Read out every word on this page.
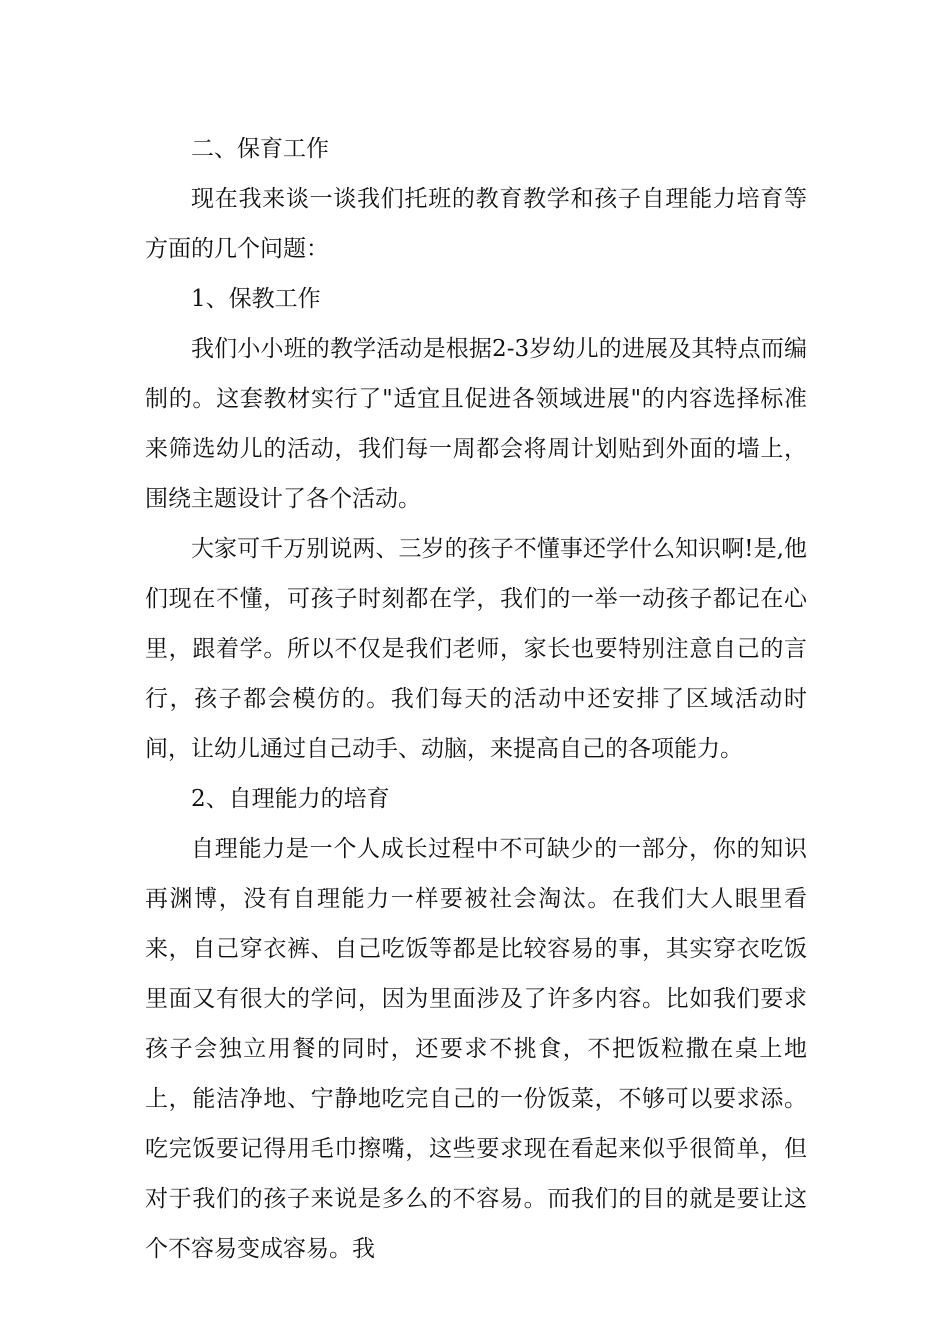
二、保育工作

现在我来谈一谈我们托班的教育教学和孩子自理能力培育等方面的几个问题：

1、保教工作

我们小小班的教学活动是根据2-3岁幼儿的进展及其特点而编制的。这套教材实行了"适宜且促进各领域进展"的内容选择标准来筛选幼儿的活动，我们每一周都会将周计划贴到外面的墙上，围绕主题设计了各个活动。

大家可千万别说两、三岁的孩子不懂事还学什么知识啊!是,他们现在不懂，可孩子时刻都在学，我们的一举一动孩子都记在心里，跟着学。所以不仅是我们老师，家长也要特别注意自己的言行，孩子都会模仿的。我们每天的活动中还安排了区域活动时间，让幼儿通过自己动手、动脑，来提高自己的各项能力。

2、自理能力的培育

自理能力是一个人成长过程中不可缺少的一部分，你的知识再渊博，没有自理能力一样要被社会淘汰。在我们大人眼里看来，自己穿衣裤、自己吃饭等都是比较容易的事，其实穿衣吃饭里面又有很大的学问，因为里面涉及了许多内容。比如我们要求孩子会独立用餐的同时，还要求不挑食，不把饭粒撒在桌上地上，能洁净地、宁静地吃完自己的一份饭菜，不够可以要求添。吃完饭要记得用毛巾擦嘴，这些要求现在看起来似乎很简单，但对于我们的孩子来说是多么的不容易。而我们的目的就是要让这个不容易变成容易。我
